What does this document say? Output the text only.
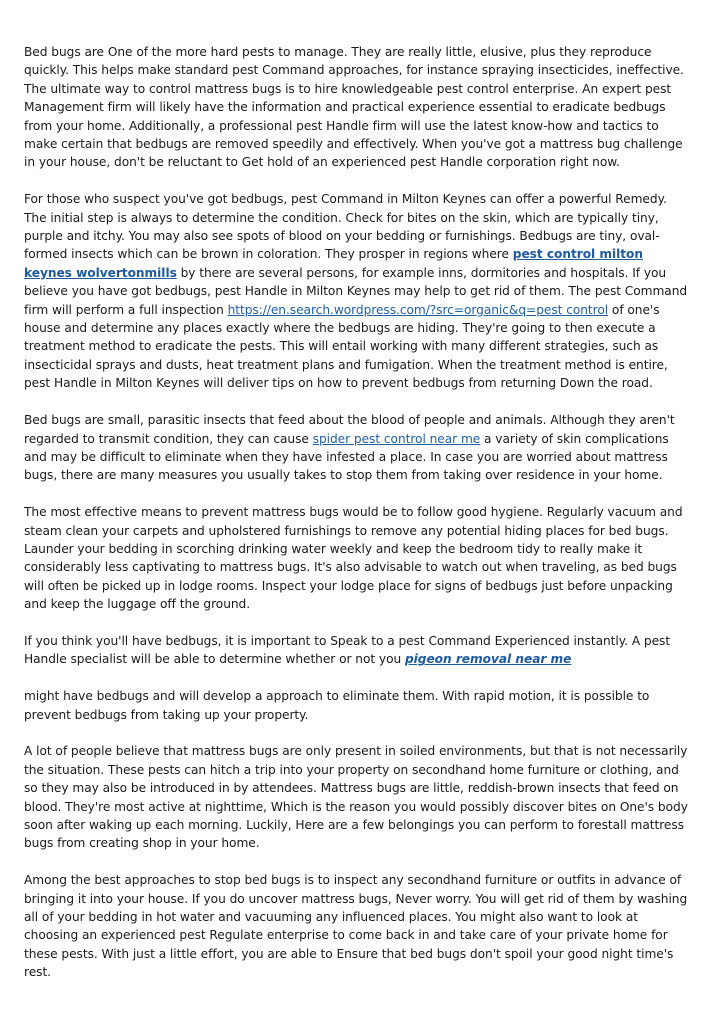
Bed bugs are One of the more hard pests to manage. They are really little, elusive, plus they reproduce quickly. This helps make standard pest Command approaches, for instance spraying insecticides, ineffective. The ultimate way to control mattress bugs is to hire knowledgeable pest control enterprise. An expert pest Management firm will likely have the information and practical experience essential to eradicate bedbugs from your home. Additionally, a professional pest Handle firm will use the latest know-how and tactics to make certain that bedbugs are removed speedily and effectively. When you've got a mattress bug challenge in your house, don't be reluctant to Get hold of an experienced pest Handle corporation right now.

For those who suspect you've got bedbugs, pest Command in Milton Keynes can offer a powerful Remedy. The initial step is always to determine the condition. Check for bites on the skin, which are typically tiny, purple and itchy. You may also see spots of blood on your bedding or furnishings. Bedbugs are tiny, oval-formed insects which can be brown in coloration. They prosper in regions where pest control milton keynes wolvertonmills by there are several persons, for example inns, dormitories and hospitals. If you believe you have got bedbugs, pest Handle in Milton Keynes may help to get rid of them. The pest Command firm will perform a full inspection https://en.search.wordpress.com/?src=organic&q=pest control of one's house and determine any places exactly where the bedbugs are hiding. They're going to then execute a treatment method to eradicate the pests. This will entail working with many different strategies, such as insecticidal sprays and dusts, heat treatment plans and fumigation. When the treatment method is entire, pest Handle in Milton Keynes will deliver tips on how to prevent bedbugs from returning Down the road.

Bed bugs are small, parasitic insects that feed about the blood of people and animals. Although they aren't regarded to transmit condition, they can cause spider pest control near me a variety of skin complications and may be difficult to eliminate when they have infested a place. In case you are worried about mattress bugs, there are many measures you usually takes to stop them from taking over residence in your home.

The most effective means to prevent mattress bugs would be to follow good hygiene. Regularly vacuum and steam clean your carpets and upholstered furnishings to remove any potential hiding places for bed bugs. Launder your bedding in scorching drinking water weekly and keep the bedroom tidy to really make it considerably less captivating to mattress bugs. It's also advisable to watch out when traveling, as bed bugs will often be picked up in lodge rooms. Inspect your lodge place for signs of bedbugs just before unpacking and keep the luggage off the ground.

If you think you'll have bedbugs, it is important to Speak to a pest Command Experienced instantly. A pest Handle specialist will be able to determine whether or not you pigeon removal near me

might have bedbugs and will develop a approach to eliminate them. With rapid motion, it is possible to prevent bedbugs from taking up your property.

A lot of people believe that mattress bugs are only present in soiled environments, but that is not necessarily the situation. These pests can hitch a trip into your property on secondhand home furniture or clothing, and so they may also be introduced in by attendees. Mattress bugs are little, reddish-brown insects that feed on blood. They're most active at nighttime, Which is the reason you would possibly discover bites on One's body soon after waking up each morning. Luckily, Here are a few belongings you can perform to forestall mattress bugs from creating shop in your home.

Among the best approaches to stop bed bugs is to inspect any secondhand furniture or outfits in advance of bringing it into your house. If you do uncover mattress bugs, Never worry. You will get rid of them by washing all of your bedding in hot water and vacuuming any influenced places. You might also want to look at choosing an experienced pest Regulate enterprise to come back in and take care of your private home for these pests. With just a little effort, you are able to Ensure that bed bugs don't spoil your good night time's rest.
